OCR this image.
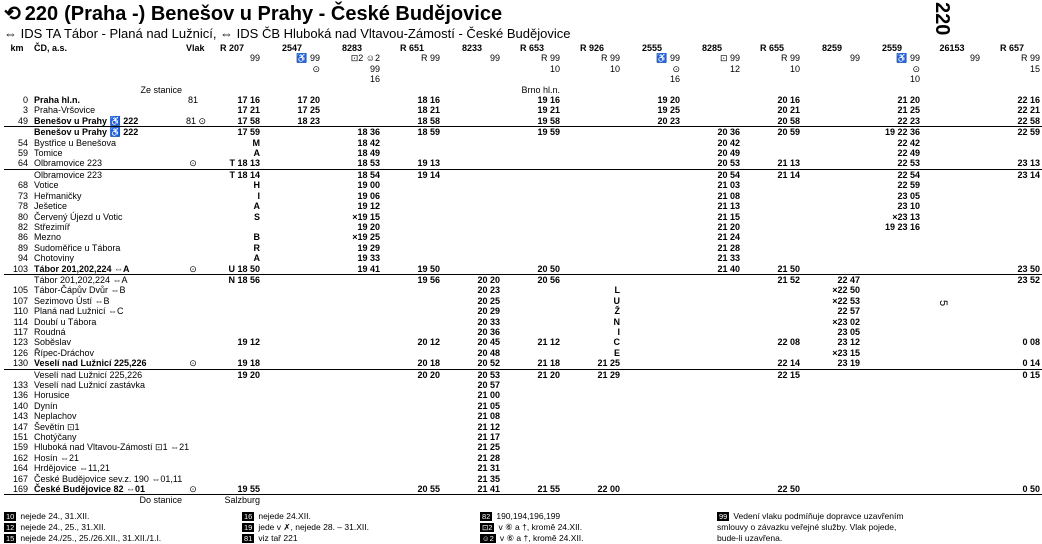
⟲ 220 (Praha -) Benešov u Prahy - České Budějovice
⇔ IDS TA Tábor - Planá nad Lužnicí, ⇔ IDS ČB Hluboká nad Vltavou-Zámostí - České Budějovice	220
5
km	ČD, a.s.	Vlak	R 207	2547	8283	R 651	8233	R 653	R 926	2555	8285	R 655	8259	2559	26153	R 657
			99	♿ 99	⊡2 ☺2	R 99	99	R 99	R 99	♿ 99	⊡ 99	R 99	99	♿ 99	99	R 99
				⊙	99			10	10	⊙	12	10		⊙		15
					16					16				10		
	Ze stanice							Brno hl.n.								
0	Praha hl.n.	81	17 16	17 20		18 16		19 16		19 20		20 16		21 20		22 16
3	Praha-Vršovice		17 21	17 25		18 21		19 21		19 25		20 21		21 25		22 21
49	Benešov u Prahy ♿ 222	81 ⊙	17 58	18 23		18 58		19 58		20 23		20 58		22 23		22 58
	Benešov u Prahy ♿ 222		17 59		18 36	18 59		19 59			20 36	20 59		19 22 36		22 59
54	Bystřice u Benešova		M		18 42						20 42			22 42		
59	Tomice		A		18 49						20 49			22 49		
64	Olbramovice 223	⊙	T 18 13		18 53	19 13					20 53	21 13		22 53		23 13
	Olbramovice 223		T 18 14		18 54	19 14					20 54	21 14		22 54		23 14
68	Votice		H		19 00						21 03			22 59		
73	Heřmaničky		I		19 06						21 08			23 05		
78	Ješetice		A		19 12						21 13			23 10		
80	Červený Újezd u Votic		S		×19 15						21 15			×23 13		
82	Střezimíř				19 20						21 20			19 23 16		
86	Mezno		B		×19 25						21 24					
89	Sudoměřice u Tábora		R		19 29						21 28					
94	Chotoviny		A		19 33						21 33					
103	Tábor 201,202,224 ⇔A	⊙	U 18 50		19 41	19 50		20 50			21 40	21 50				23 50
	Tábor 201,202,224 ⇔A		N 18 56			19 56	20 20	20 56				21 52	22 47			23 52
105	Tábor-Čápův Dvůr ⇔B						20 23		L				×22 50			
107	Sezimovo Ústí ⇔B						20 25		U				×22 53			
110	Planá nad Lužnicí ⇔C						20 29		Ž				22 57			
114	Doubí u Tábora						20 33		N				×23 02			
117	Roudná						20 36		I				23 05			
123	Soběslav		19 12			20 12	20 45	21 12	C			22 08	23 12			0 08
126	Řípec-Dráchov						20 48		E				×23 15			
130	Veselí nad Lužnicí 225,226	⊙	19 18			20 18	20 52	21 18	21 25			22 14	23 19			0 14
	Veselí nad Lužnicí 225,226		19 20			20 20	20 53	21 20	21 29			22 15				0 15
133	Veselí nad Lužnicí zastávka						20 57									
136	Horusice						21 00									
140	Dynín						21 05									
143	Neplachov						21 08									
147	Ševětín ⊡1						21 12									
151	Chotýčany						21 17									
159	Hluboká nad Vltavou-Zámostí ⊡1 ⇔21						21 25									
162	Hosín ⇔21						21 28									
164	Hrdějovice ⇔11,21						21 31									
167	České Budějovice sev.z. 190 ⇔01,11						21 35									
169	České Budějovice 82 ⇔01	⊙	19 55			20 55	21 41	21 55	22 00			22 50				0 50
	Do stanice		Salzburg													
10 nejede 24., 31.XII.
12 nejede 24., 25., 31.XII.
15 nejede 24./25., 25./26.XII., 31.XII./1.I.
16 nejede 24.XII.
19 jede v ✗, nejede 28. – 31.XII.
81 viz tař 221
82 190,194,196,199
⊡2 v ⑥ a †, kromě 24.XII.
☺2 v ⑥ a †, kromě 24.XII.
99 Vedení vlaku podmíňuje dopravce uzavřením
smlouvy o závazku veřejné služby. Vlak pojede,
bude-li uzavřena.
